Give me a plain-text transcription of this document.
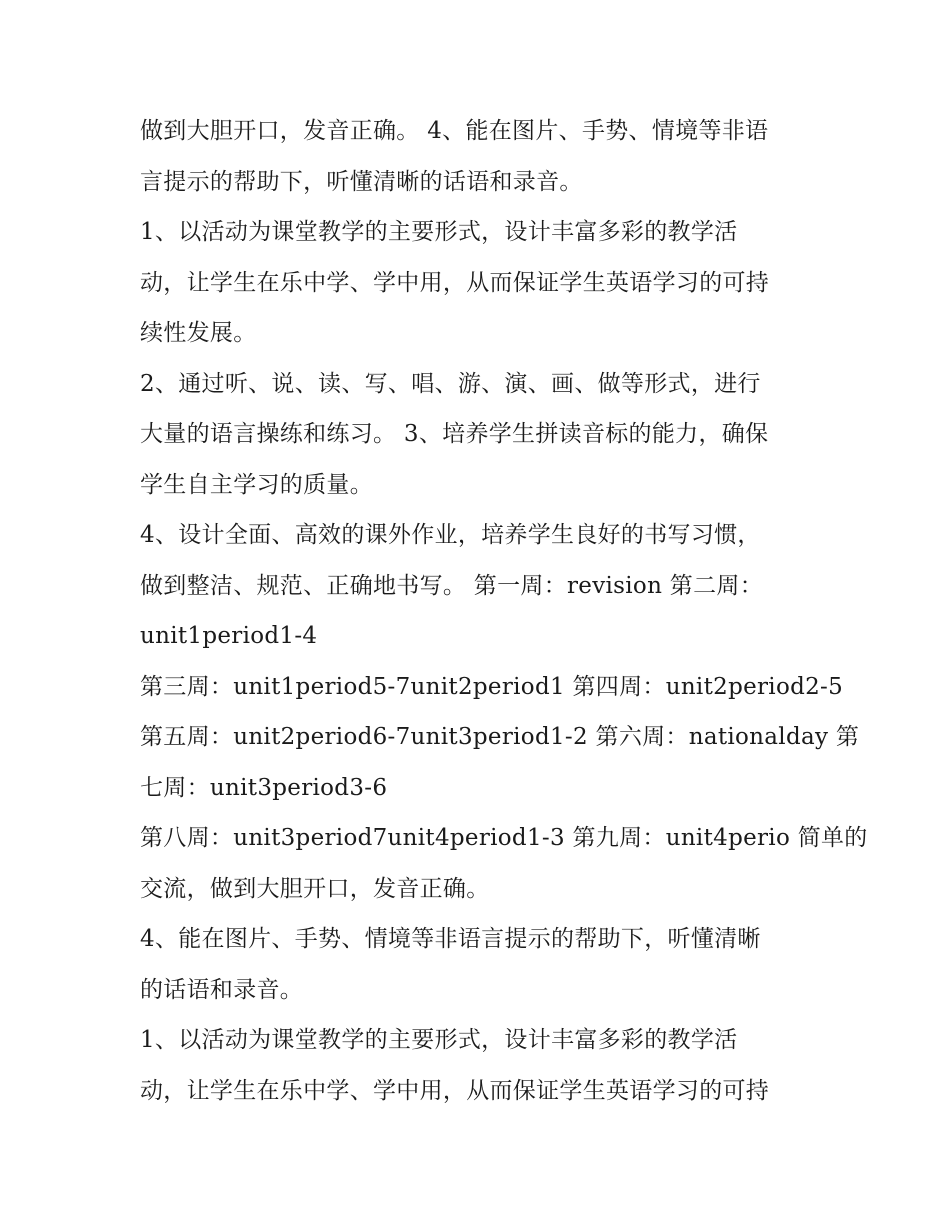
做到大胆开口，发音正确。 4、能在图片、手势、情境等非语
言提示的帮助下，听懂清晰的话语和录音。
1、以活动为课堂教学的主要形式，设计丰富多彩的教学活
动，让学生在乐中学、学中用，从而保证学生英语学习的可持
续性发展。
2、通过听、说、读、写、唱、游、演、画、做等形式，进行
大量的语言操练和练习。 3、培养学生拼读音标的能力，确保
学生自主学习的质量。
4、设计全面、高效的课外作业，培养学生良好的书写习惯，
做到整洁、规范、正确地书写。 第一周：revision 第二周：
unit1period1-4
第三周：unit1period5-7unit2period1 第四周：unit2period2-5
第五周：unit2period6-7unit3period1-2 第六周：nationalday 第
七周：unit3period3-6
第八周：unit3period7unit4period1-3 第九周：unit4perio 简单的
交流，做到大胆开口，发音正确。
4、能在图片、手势、情境等非语言提示的帮助下，听懂清晰
的话语和录音。
1、以活动为课堂教学的主要形式，设计丰富多彩的教学活
动，让学生在乐中学、学中用，从而保证学生英语学习的可持
